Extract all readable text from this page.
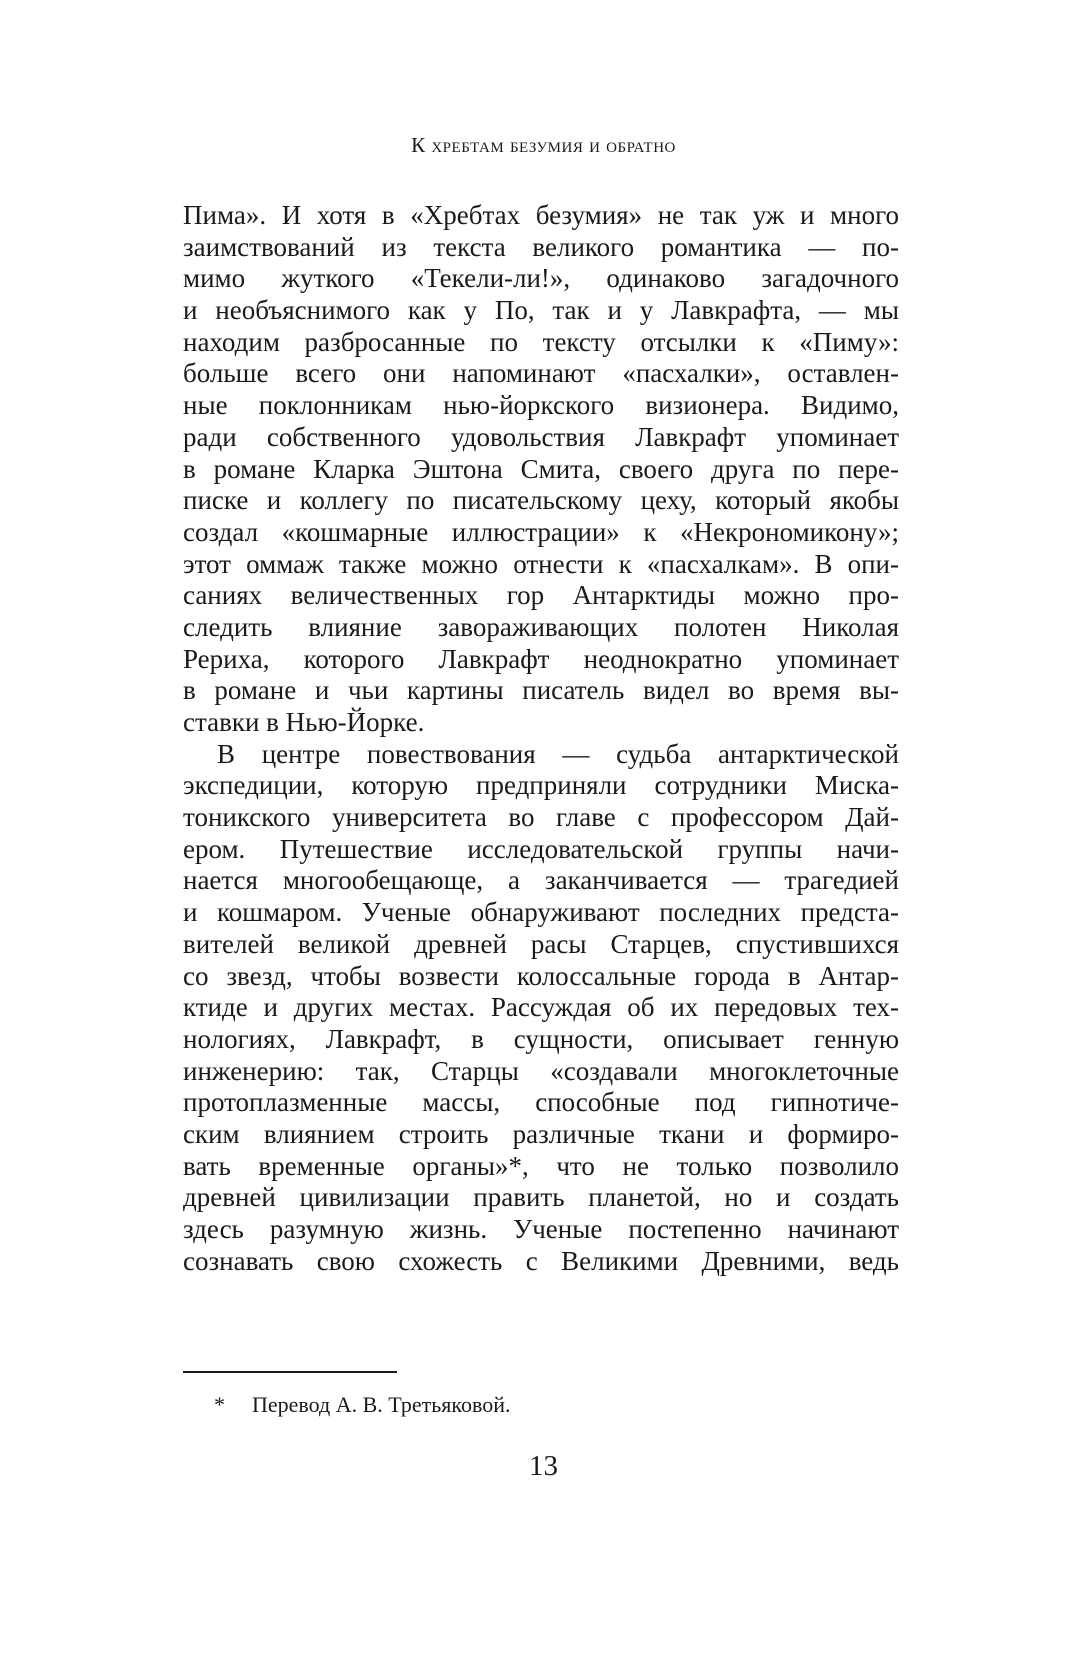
К хребтам безумия и обратно
Пима». И хотя в «Хребтах безумия» не так уж и много
заимствований из текста великого романтика — по-
мимо жуткого «Текели-ли!», одинаково загадочного
и необъяснимого как у По, так и у Лавкрафта, — мы
находим разбросанные по тексту отсылки к «Пиму»:
больше всего они напоминают «пасхалки», оставлен-
ные поклонникам нью-йоркского визионера. Видимо,
ради собственного удовольствия Лавкрафт упоминает
в романе Кларка Эштона Смита, своего друга по пере-
писке и коллегу по писательскому цеху, который якобы
создал «кошмарные иллюстрации» к «Некрономикону»;
этот оммаж также можно отнести к «пасхалкам». В опи-
саниях величественных гор Антарктиды можно про-
следить влияние завораживающих полотен Николая
Рериха, которого Лавкрафт неоднократно упоминает
в романе и чьи картины писатель видел во время вы-
ставки в Нью-Йорке.
В центре повествования — судьба антарктической
экспедиции, которую предприняли сотрудники Миска-
тоникского университета во главе с профессором Дай-
ером. Путешествие исследовательской группы начи-
нается многообещающе, а заканчивается — трагедией
и кошмаром. Ученые обнаруживают последних предста-
вителей великой древней расы Старцев, спустившихся
со звезд, чтобы возвести колоссальные города в Антар-
ктиде и других местах. Рассуждая об их передовых тех-
нологиях, Лавкрафт, в сущности, описывает генную
инженерию: так, Старцы «создавали многоклеточные
протоплазменные массы, способные под гипнотиче-
ским влиянием строить различные ткани и формиро-
вать временные органы»*, что не только позволило
древней цивилизации править планетой, но и создать
здесь разумную жизнь. Ученые постепенно начинают
сознавать свою схожесть с Великими Древними, ведь
* Перевод А. В. Третьяковой.
13
